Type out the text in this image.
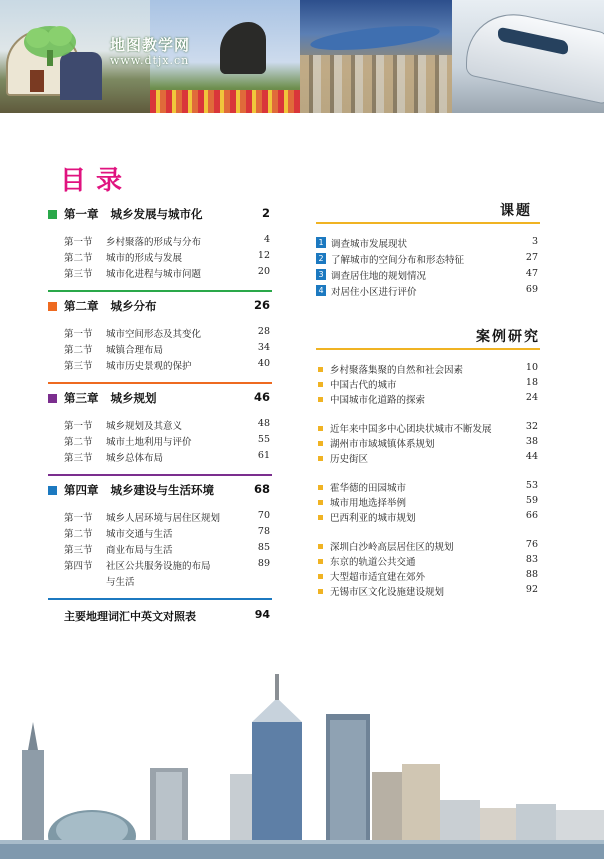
地图教学网
www.dtjx.cn
目录
第一章 城乡发展与城市化	2
第一节 乡村聚落的形成与分布	4
第二节 城市的形成与发展	12
第三节 城市化进程与城市问题	20
第二章 城乡分布	26
第一节 城市空间形态及其变化	28
第二节 城镇合理布局	34
第三节 城市历史景观的保护	40
第三章 城乡规划	46
第一节 城乡规划及其意义	48
第二节 城市土地利用与评价	55
第三节 城乡总体布局	61
第四章 城乡建设与生活环境	68
第一节 城乡人居环境与居住区规划	70
第二节 城市交通与生活	78
第三节 商业布局与生活	85
第四节 社区公共服务设施的布局	89
与生活
主要地理词汇中英文对照表	94
课题
1 调查城市发展现状	3
2 了解城市的空间分布和形态特征	27
3 调查居住地的规划情况	47
4 对居住小区进行评价	69
案例研究
乡村聚落集聚的自然和社会因素	10
中国古代的城市	18
中国城市化道路的探索	24
近年来中国多中心团块状城市不断发展	32
湖州市市域城镇体系规划	38
历史街区	44
霍华德的田园城市	53
城市用地选择举例	59
巴西利亚的城市规划	66
深圳白沙岭高层居住区的规划	76
东京的轨道公共交通	83
大型超市适宜建在郊外	88
无锡市区文化设施建设规划	92
